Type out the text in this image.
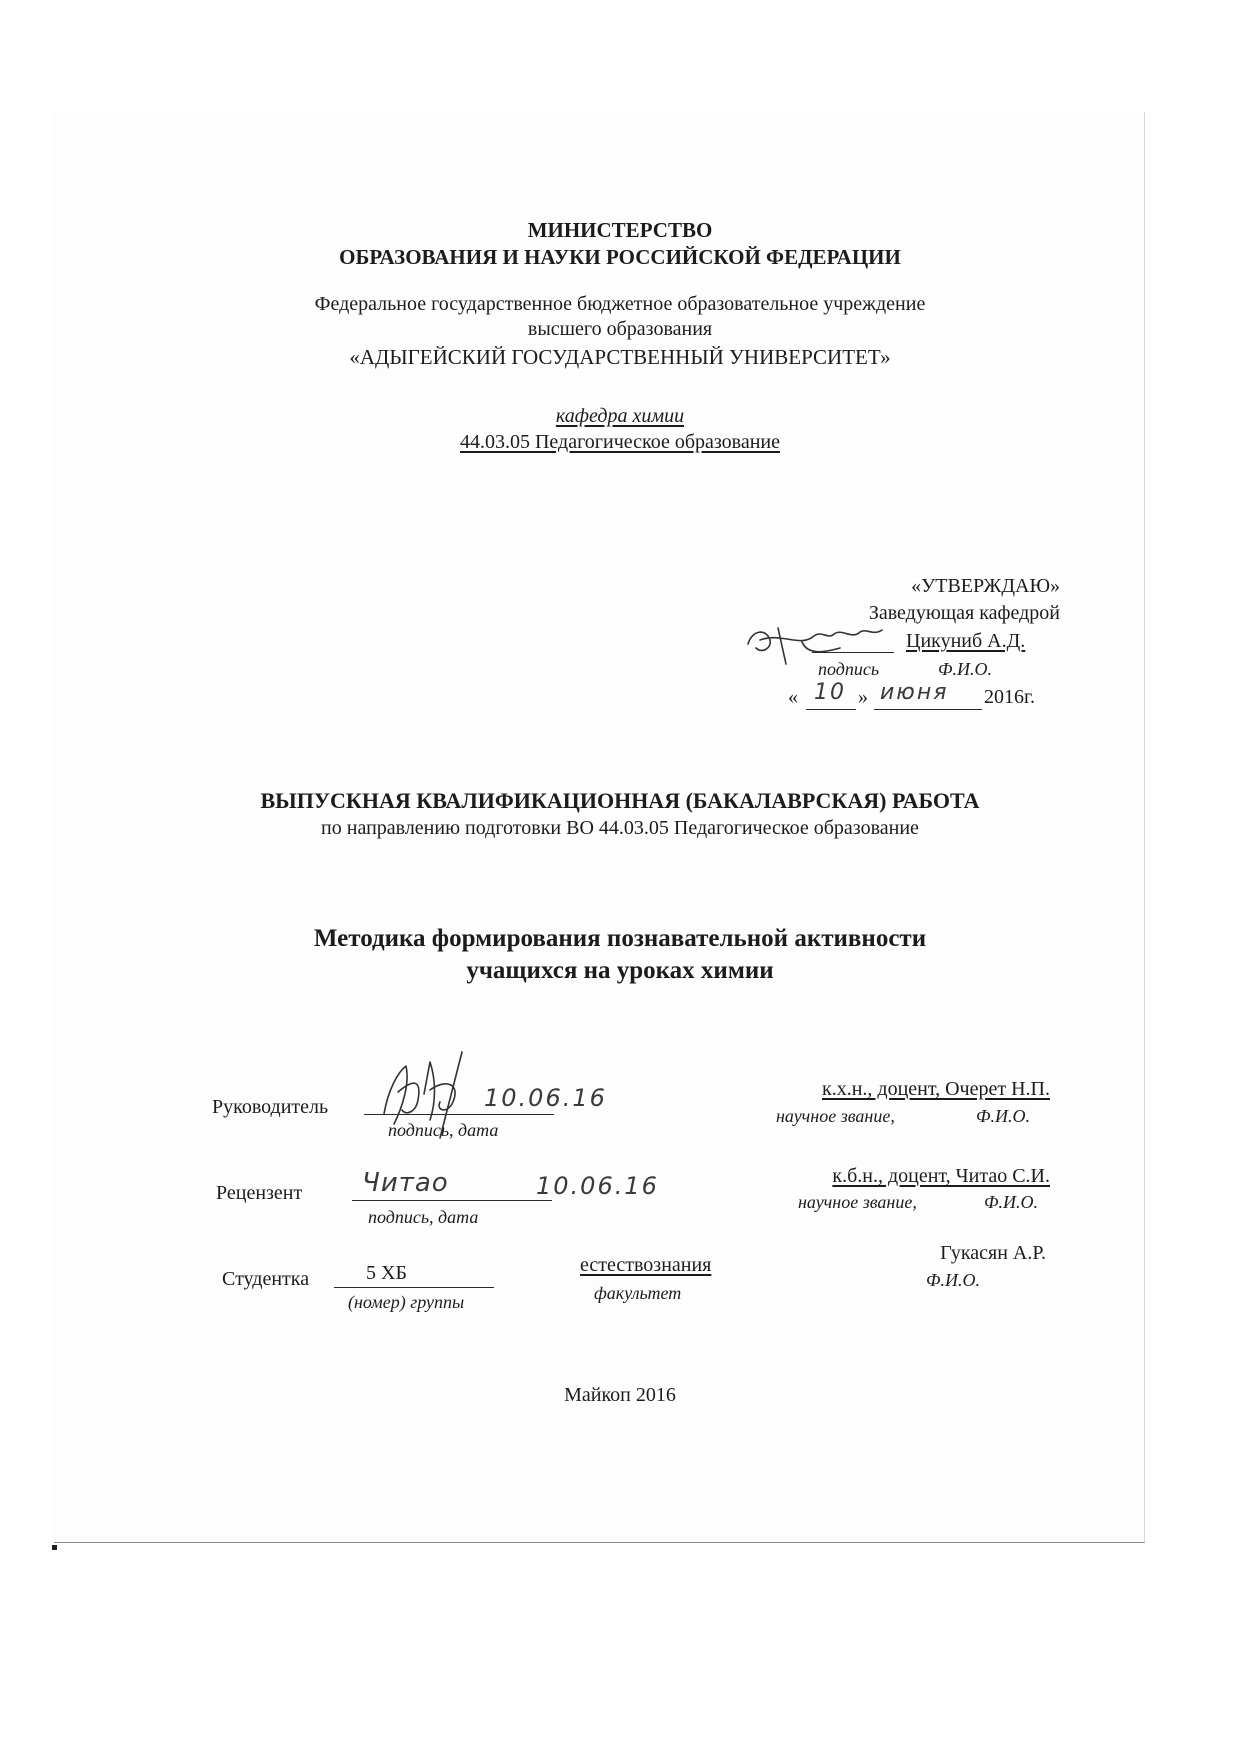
МИНИСТЕРСТВО
ОБРАЗОВАНИЯ И НАУКИ РОССИЙСКОЙ ФЕДЕРАЦИИ
Федеральное государственное бюджетное образовательное учреждение
высшего образования
«АДЫГЕЙСКИЙ ГОСУДАРСТВЕННЫЙ УНИВЕРСИТЕТ»
кафедра химии
44.03.05 Педагогическое образование
«УТВЕРЖДАЮ»
Заведующая кафедрой
Цикуниб А.Д.
подпись	Ф.И.О.
« 10 » июня 2016г.
ВЫПУСКНАЯ КВАЛИФИКАЦИОННАЯ (БАКАЛАВРСКАЯ) РАБОТА
по направлению подготовки ВО 44.03.05 Педагогическое образование
Методика формирования познавательной активности
учащихся на уроках химии
Руководитель	10.06.16
подпись, дата
к.х.н., доцент, Очерет Н.П.
научное звание,	Ф.И.О.
Рецензент Читао	10.06.16
подпись, дата
к.б.н., доцент, Читао С.И.
научное звание,	Ф.И.О.
Студентка	5 ХБ
(номер) группы
естествознания
факультет
Гукасян А.Р.
Ф.И.О.
Майкоп 2016
